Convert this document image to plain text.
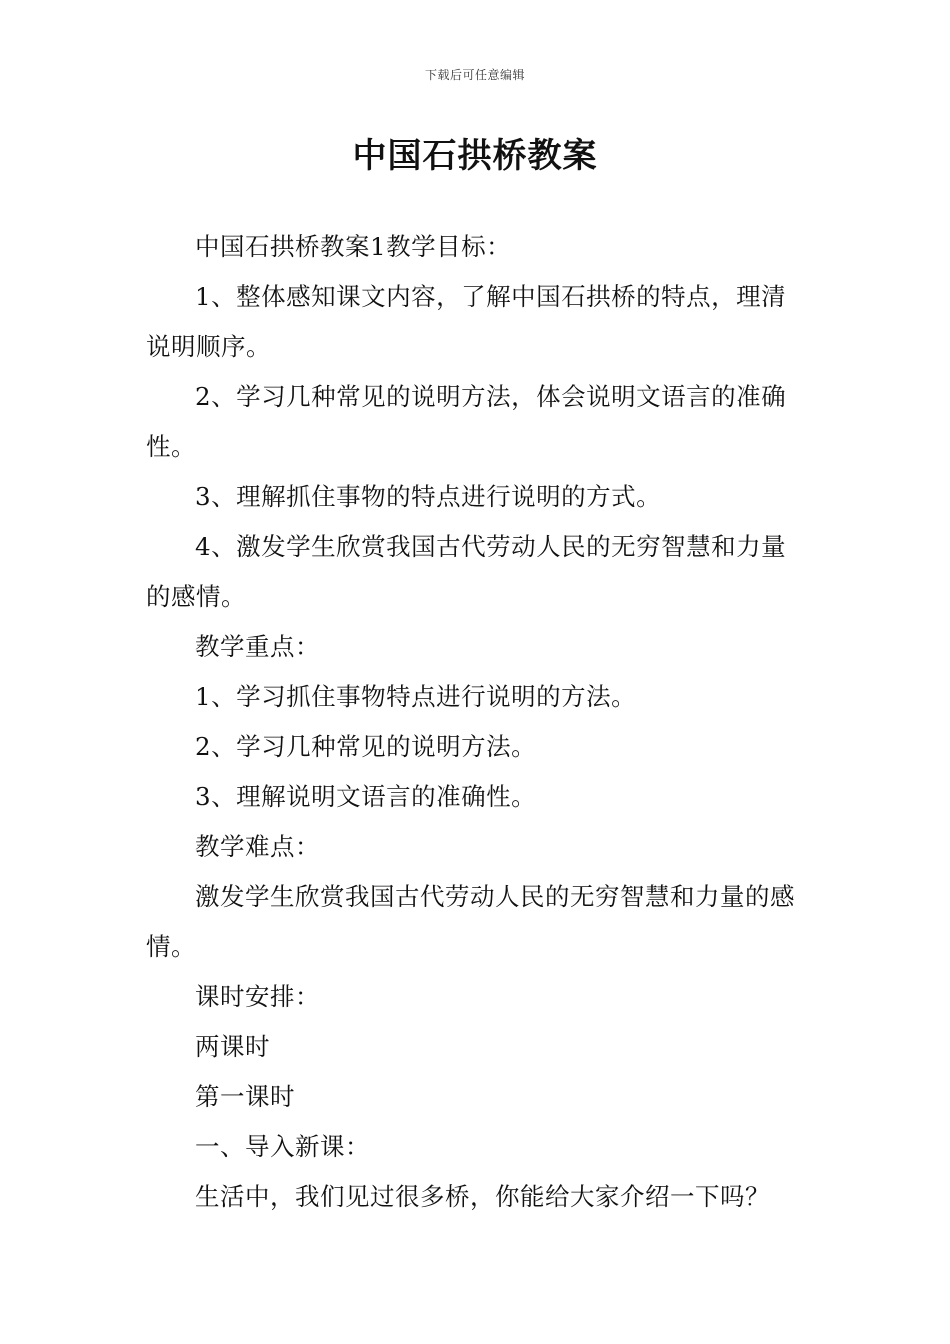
下载后可任意编辑
中国石拱桥教案

中国石拱桥教案1教学目标：

1、整体感知课文内容，了解中国石拱桥的特点，理清说明顺序。

2、学习几种常见的说明方法，体会说明文语言的准确性。

3、理解抓住事物的特点进行说明的方式。

4、激发学生欣赏我国古代劳动人民的无穷智慧和力量的感情。

教学重点：

1、学习抓住事物特点进行说明的方法。

2、学习几种常见的说明方法。

3、理解说明文语言的准确性。

教学难点：

激发学生欣赏我国古代劳动人民的无穷智慧和力量的感情。

课时安排：

两课时

第一课时

一、导入新课：

生活中，我们见过很多桥，你能给大家介绍一下吗？
